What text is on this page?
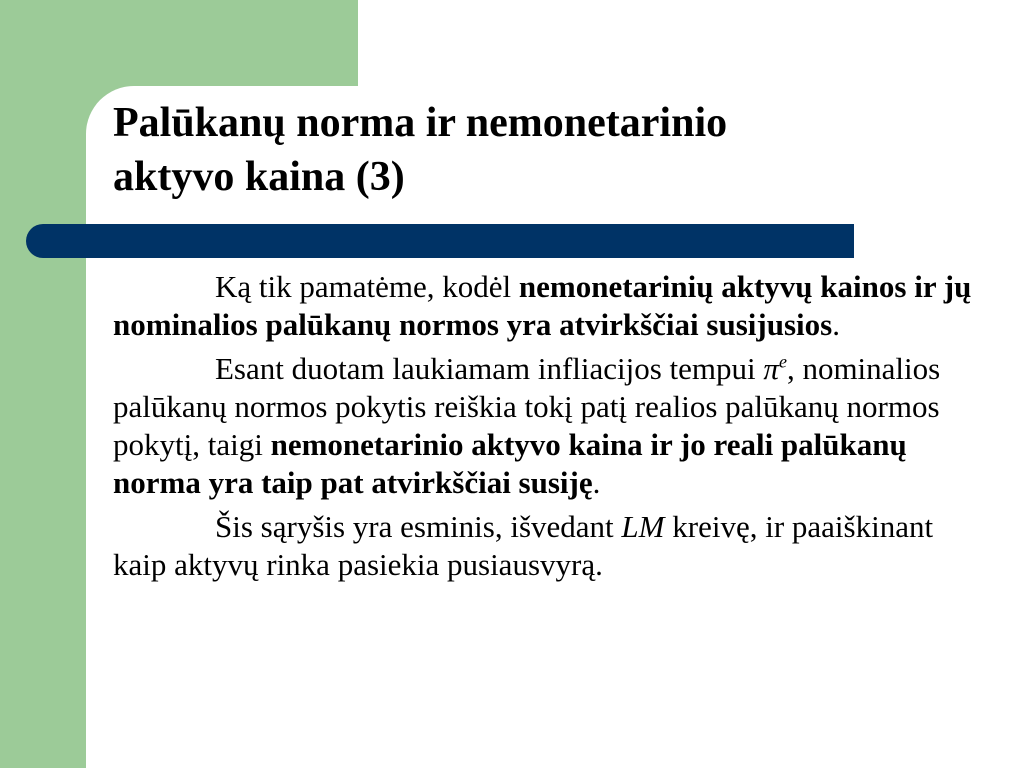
Palūkanų norma ir nemonetarinio
aktyvo kaina (3)

Ką tik pamatėme, kodėl nemonetarinių aktyvų kainos ir jų nominalios palūkanų normos yra atvirkščiai susijusios.

Esant duotam laukiamam infliacijos tempui $\pi^e$, nominalios palūkanų normos pokytis reiškia tokį patį realios palūkanų normos pokytį, taigi nemonetarinio aktyvo kaina ir jo reali palūkanų norma yra taip pat atvirkščiai susiję.

Šis sąryšis yra esminis, išvedant LM kreivę, ir paaiškinant kaip aktyvų rinka pasiekia pusiausvyrą.
